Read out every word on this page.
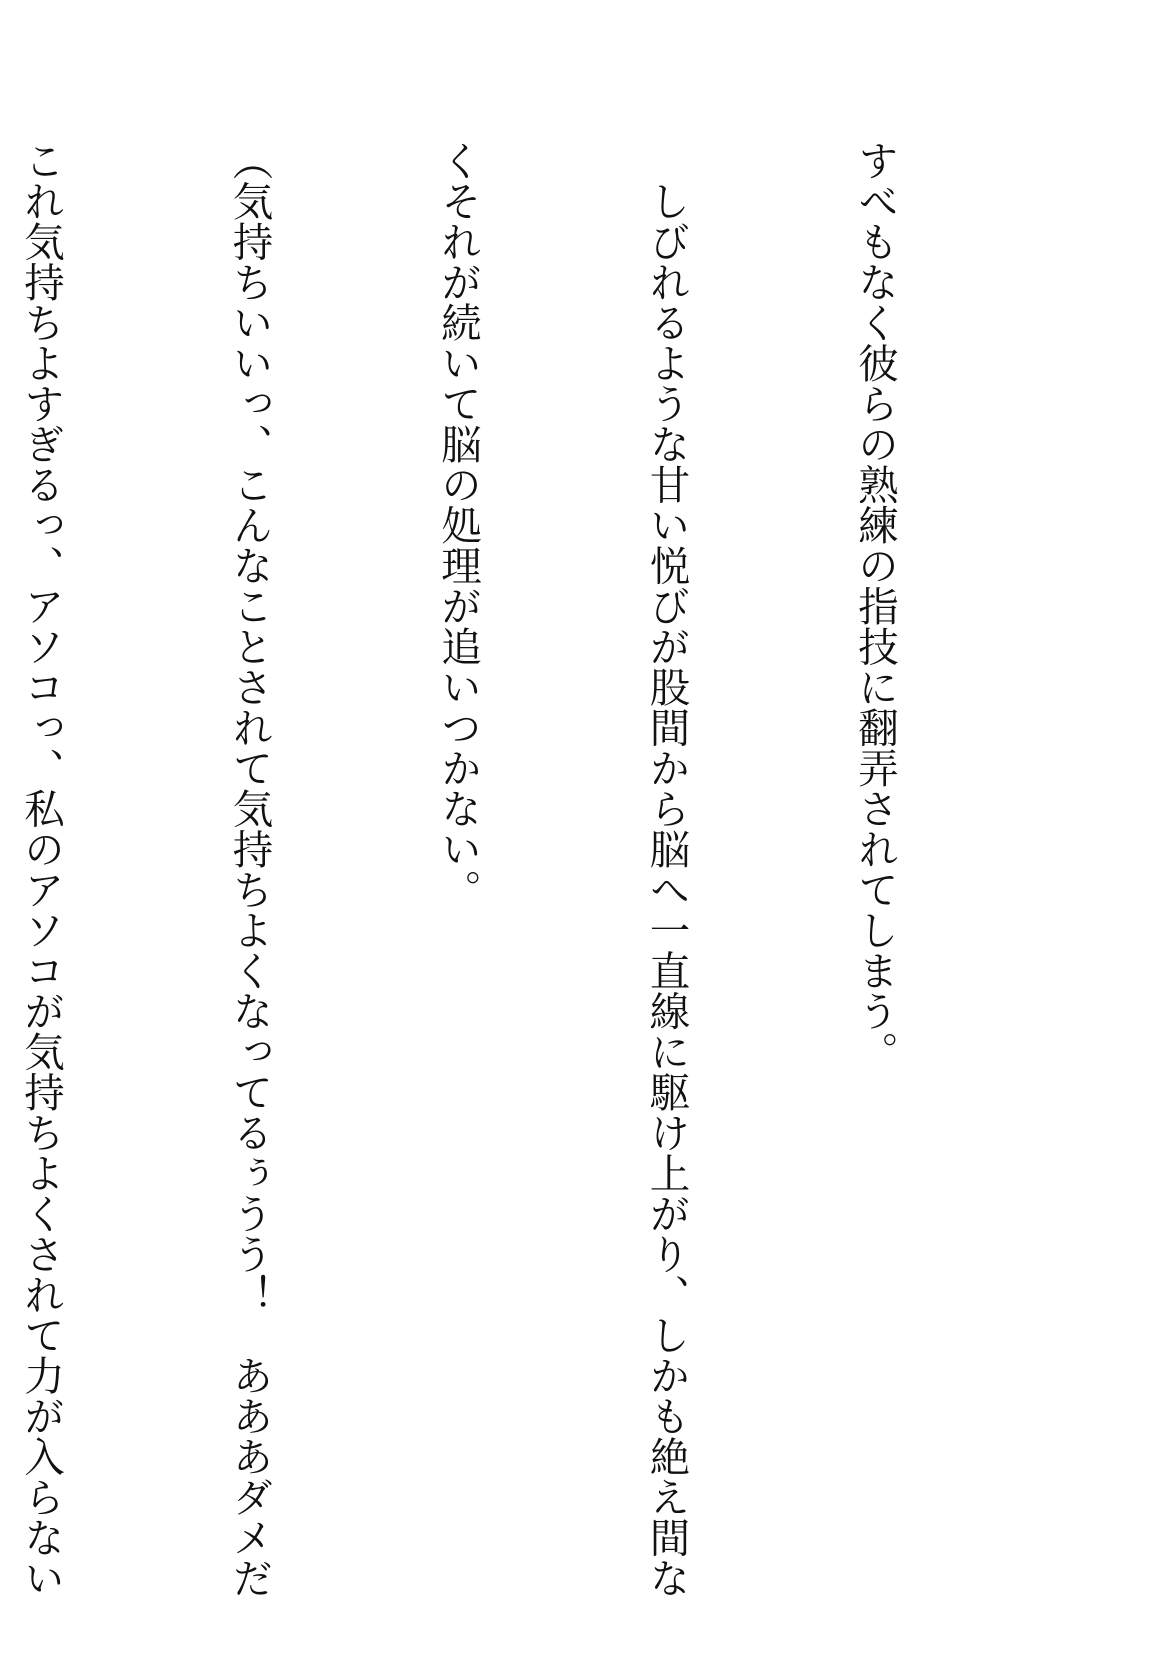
すべもなく彼らの熟練の指技に翻弄されてしまう。

　しびれるような甘い悦びが股間から脳へ一直線に駆け上がり、しかも絶え間な

くそれが続いて脳の処理が追いつかない。

（気持ちいいっ、こんなことされて気持ちよくなってるぅうう！　あああダメだ

これ気持ちよすぎるっ、アソコっ、私のアソコが気持ちよくされて力が入らない
